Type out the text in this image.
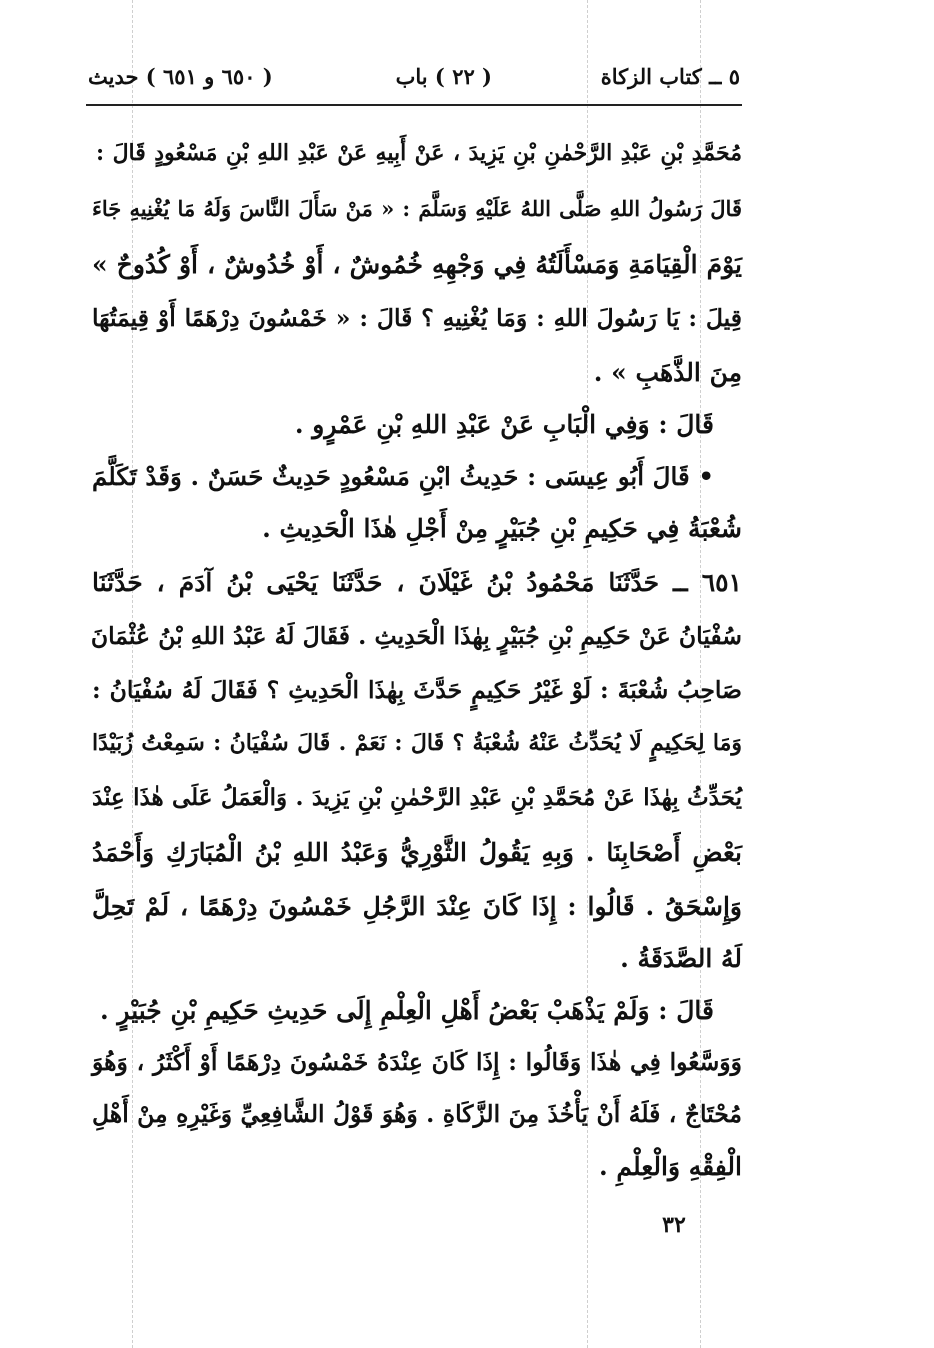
٥ ــ كتاب الزكاة
( ٢٢ ) باب
( ٦٥٠ و ٦٥١ ) حديث
مُحَمَّدِ بْنِ عَبْدِ الرَّحْمٰنِ بْنِ يَزِيدَ ، عَنْ أَبِيهِ عَنْ عَبْدِ اللهِ بْنِ مَسْعُودٍ قَالَ :
قَالَ رَسُولُ اللهِ صَلَّى اللهُ عَلَيْهِ وَسَلَّمَ : « مَنْ سَأَلَ النَّاسَ وَلَهُ مَا يُغْنِيهِ جَاءَ
يَوْمَ الْقِيَامَةِ وَمَسْأَلَتُهُ فِي وَجْهِهِ خُمُوشٌ ، أَوْ خُدُوشٌ ، أَوْ كُدُوحٌ »
قِيلَ : يَا رَسُولَ اللهِ : وَمَا يُغْنِيهِ ؟ قَالَ : « خَمْسُونَ دِرْهَمًا أَوْ قِيمَتُهَا
مِنَ الذَّهَبِ » .
قَالَ : وَفِي الْبَابِ عَنْ عَبْدِ اللهِ بْنِ عَمْرٍو .
• قَالَ أَبُو عِيسَى : حَدِيثُ ابْنِ مَسْعُودٍ حَدِيثٌ حَسَنٌ . وَقَدْ تَكَلَّمَ
شُعْبَةُ فِي حَكِيمِ بْنِ جُبَيْرٍ مِنْ أَجْلِ هٰذَا الْحَدِيثِ .
٦٥١ ــ حَدَّثَنَا مَحْمُودُ بْنُ غَيْلَانَ ، حَدَّثَنَا يَحْيَى بْنُ آدَمَ ، حَدَّثَنَا
سُفْيَانُ عَنْ حَكِيمِ بْنِ جُبَيْرٍ بِهٰذَا الْحَدِيثِ . فَقَالَ لَهُ عَبْدُ اللهِ بْنُ عُثْمَانَ
صَاحِبُ شُعْبَةَ : لَوْ غَيْرُ حَكِيمٍ حَدَّثَ بِهٰذَا الْحَدِيثِ ؟ فَقَالَ لَهُ سُفْيَانُ :
وَمَا لِحَكِيمٍ لَا يُحَدِّثُ عَنْهُ شُعْبَةُ ؟ قَالَ : نَعَمْ . قَالَ سُفْيَانُ : سَمِعْتُ زُبَيْدًا
يُحَدِّثُ بِهٰذَا عَنْ مُحَمَّدِ بْنِ عَبْدِ الرَّحْمٰنِ بْنِ يَزِيدَ . وَالْعَمَلُ عَلَى هٰذَا عِنْدَ
بَعْضِ أَصْحَابِنَا . وَبِهِ يَقُولُ الثَّوْرِيُّ وَعَبْدُ اللهِ بْنُ الْمُبَارَكِ وَأَحْمَدُ
وَإِسْحَقُ . قَالُوا : إِذَا كَانَ عِنْدَ الرَّجُلِ خَمْسُونَ دِرْهَمًا ، لَمْ تَحِلَّ
لَهُ الصَّدَقَةُ .
قَالَ : وَلَمْ يَذْهَبْ بَعْضُ أَهْلِ الْعِلْمِ إِلَى حَدِيثِ حَكِيمِ بْنِ جُبَيْرٍ .
وَوَسَّعُوا فِي هٰذَا وَقَالُوا : إِذَا كَانَ عِنْدَهُ خَمْسُونَ دِرْهَمًا أَوْ أَكْثَرُ ، وَهُوَ
مُحْتَاجٌ ، فَلَهُ أَنْ يَأْخُذَ مِنَ الزَّكَاةِ . وَهُوَ قَوْلُ الشَّافِعِيِّ وَغَيْرِهِ مِنْ أَهْلِ
الْفِقْهِ وَالْعِلْمِ .
٣٢
